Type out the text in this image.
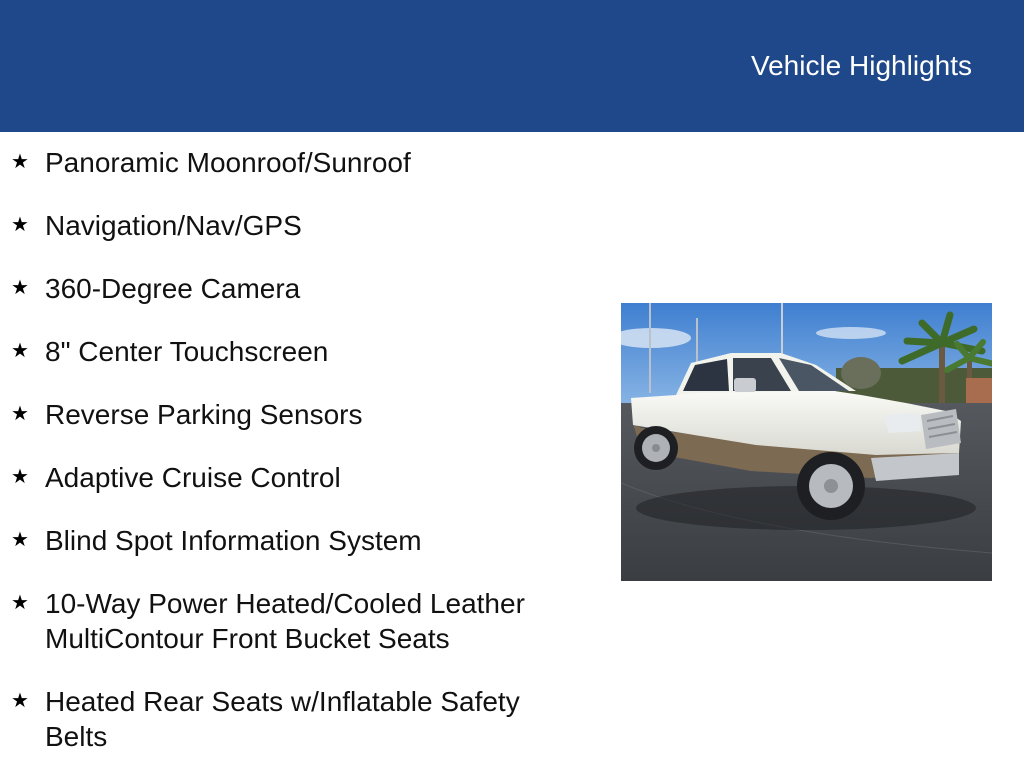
Vehicle Highlights
★ Panoramic Moonroof/Sunroof
★ Navigation/Nav/GPS
★ 360-Degree Camera
★ 8" Center Touchscreen
★ Reverse Parking Sensors
★ Adaptive Cruise Control
★ Blind Spot Information System
★ 10-Way Power Heated/Cooled Leather MultiContour Front Bucket Seats
★ Heated Rear Seats w/Inflatable Safety Belts
